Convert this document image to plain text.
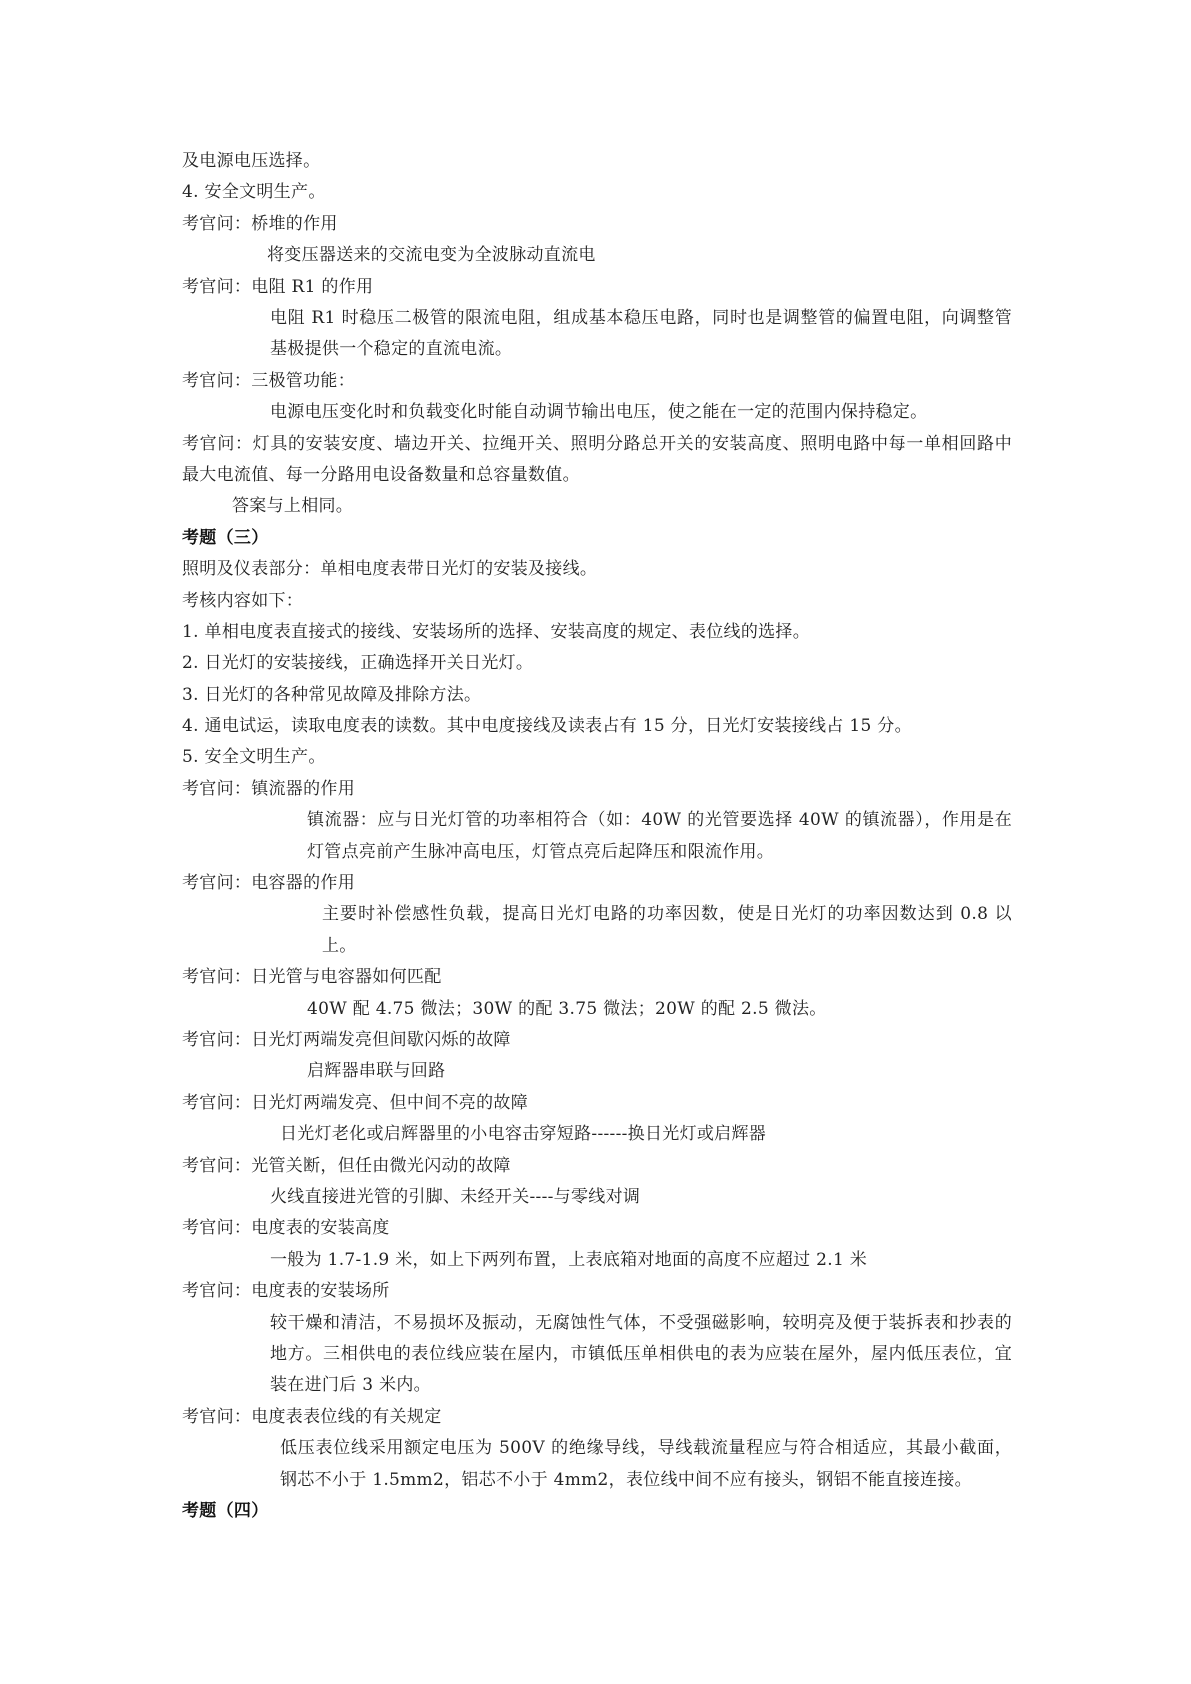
及电源电压选择。
4. 安全文明生产。
考官问：桥堆的作用
将变压器送来的交流电变为全波脉动直流电
考官问：电阻 R1 的作用
电阻 R1 时稳压二极管的限流电阻，组成基本稳压电路，同时也是调整管的偏置电阻，向调整管基极提供一个稳定的直流电流。
考官问：三极管功能：
电源电压变化时和负载变化时能自动调节输出电压，使之能在一定的范围内保持稳定。
考官问：灯具的安装安度、墙边开关、拉绳开关、照明分路总开关的安装高度、照明电路中每一单相回路中最大电流值、每一分路用电设备数量和总容量数值。
答案与上相同。
考题（三）
照明及仪表部分：单相电度表带日光灯的安装及接线。
考核内容如下：
1. 单相电度表直接式的接线、安装场所的选择、安装高度的规定、表位线的选择。
2. 日光灯的安装接线，正确选择开关日光灯。
3. 日光灯的各种常见故障及排除方法。
4. 通电试运，读取电度表的读数。其中电度接线及读表占有 15 分，日光灯安装接线占 15 分。
5. 安全文明生产。
考官问：镇流器的作用
镇流器：应与日光灯管的功率相符合（如：40W 的光管要选择 40W 的镇流器），作用是在灯管点亮前产生脉冲高电压，灯管点亮后起降压和限流作用。
考官问：电容器的作用
主要时补偿感性负载，提高日光灯电路的功率因数，使是日光灯的功率因数达到 0.8 以上。
考官问：日光管与电容器如何匹配
40W 配 4.75 微法；30W 的配 3.75 微法；20W 的配 2.5 微法。
考官问：日光灯两端发亮但间歇闪烁的故障
启辉器串联与回路
考官问：日光灯两端发亮、但中间不亮的故障
日光灯老化或启辉器里的小电容击穿短路------换日光灯或启辉器
考官问：光管关断，但任由微光闪动的故障
火线直接进光管的引脚、未经开关----与零线对调
考官问：电度表的安装高度
一般为 1.7-1.9 米，如上下两列布置，上表底箱对地面的高度不应超过 2.1 米
考官问：电度表的安装场所
较干燥和清洁，不易损坏及振动，无腐蚀性气体，不受强磁影响，较明亮及便于装拆表和抄表的地方。三相供电的表位线应装在屋内，市镇低压单相供电的表为应装在屋外，屋内低压表位，宜装在进门后 3 米内。
考官问：电度表表位线的有关规定
低压表位线采用额定电压为 500V 的绝缘导线，导线载流量程应与符合相适应，其最小截面，钢芯不小于 1.5mm2，铝芯不小于 4mm2，表位线中间不应有接头，钢铝不能直接连接。
考题（四）
